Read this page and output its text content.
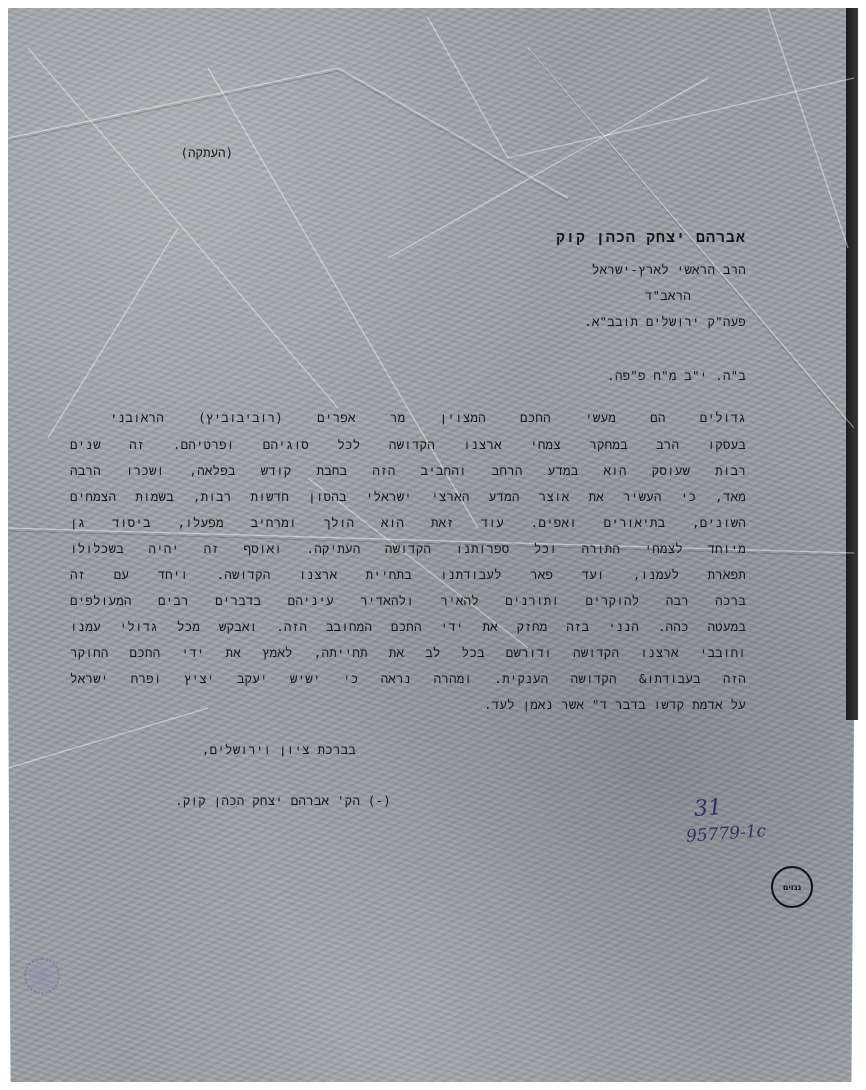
(העתקה)
אברהם יצחק הכהן קוק
הרב הראשי לארץ-ישראל
הראב"ד
פעה"ק ירושלים תובב"א.
ב"ה. י"ב מ"ח פ"פה.
גדולים הם מעשי החכם המצוין מר אפרים (רוביבוביץ) הראובני
בעסקו הרב במחקר צמחי ארצנו הקדושה לכל סוגיהם ופרטיהם. זה שנים
רבות שעוסק הוא במדע הרחב והחביב הזה בחבת קודש בפלאה, ושכרו הרבה
מאד, כי העשיר את אוצר המדע הארצי ישראלי בהסון חדשות רבות, בשמות הצמחים
השונים, בתיאורים ואפים. עוד זאת הוא הולך ומרחיב מפעלו, ביסוד גן
מיוחד לצמחי התורה וכל ספרותנו הקדושה העתיקה. ואוסף זה יהיה בשכלולו
תפארת לעמנו, ועד פאר לעבודתנו בתחיית ארצנו הקדושה. ויחד עם זה
ברכה רבה להוקרים ותורנים להאיר ולהאדיר עיניהם בדברים רבים המעולפים
במעטה כהה. הנני בזה מחזק את ידי החכם המחובב הזה. ואבקש מכל גדולי עמנו
וחובבי ארצנו הקדושה ודורשם בכל לב את תחייתה, לאמץ את ידי החכם החוקר
הזה בעבודתו& הקדושה הענקית. ומהרה נראה כי ישיש יעקב יציץ ופרח ישראל
על אדמת קדשו בדבר ד" אשר נאמן לעד.
בברכת ציון וירושלים,
(-) הק' אברהם יצחק הכהן קוק.	31
95779-1c
גנזים
